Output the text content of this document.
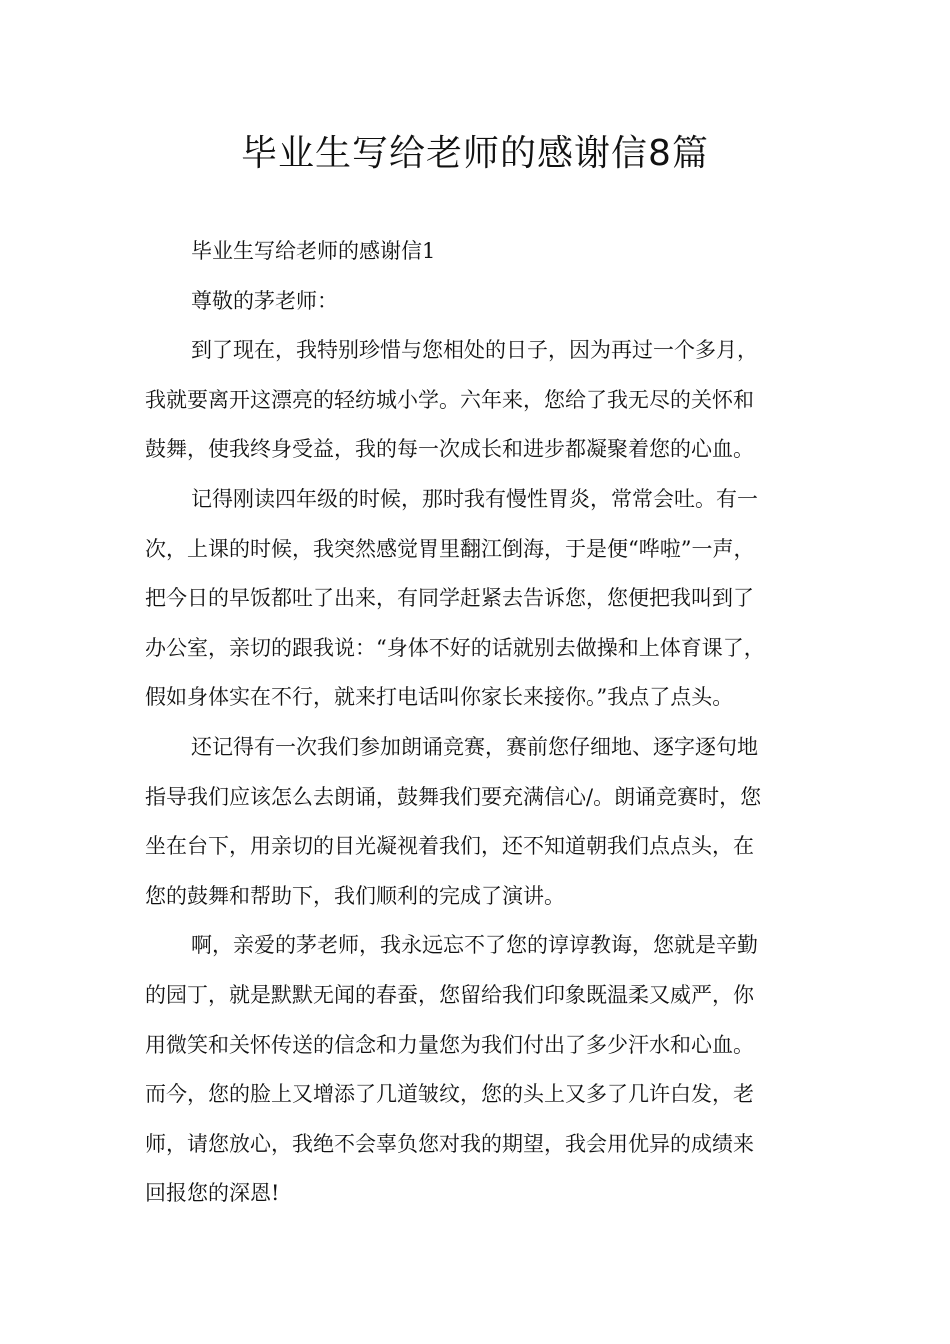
毕业生写给老师的感谢信8篇
毕业生写给老师的感谢信1
尊敬的茅老师：
到了现在，我特别珍惜与您相处的日子，因为再过一个多月，
我就要离开这漂亮的轻纺城小学。六年来，您给了我无尽的关怀和
鼓舞，使我终身受益，我的每一次成长和进步都凝聚着您的心血。
记得刚读四年级的时候，那时我有慢性胃炎，常常会吐。有一
次，上课的时候，我突然感觉胃里翻江倒海，于是便“哗啦”一声，
把今日的早饭都吐了出来，有同学赶紧去告诉您，您便把我叫到了
办公室，亲切的跟我说：“身体不好的话就别去做操和上体育课了，
假如身体实在不行，就来打电话叫你家长来接你。”我点了点头。
还记得有一次我们参加朗诵竞赛，赛前您仔细地、逐字逐句地
指导我们应该怎么去朗诵，鼓舞我们要充满信心/。朗诵竞赛时，您
坐在台下，用亲切的目光凝视着我们，还不知道朝我们点点头，在
您的鼓舞和帮助下，我们顺利的完成了演讲。
啊，亲爱的茅老师，我永远忘不了您的谆谆教诲，您就是辛勤
的园丁，就是默默无闻的春蚕，您留给我们印象既温柔又威严，你
用微笑和关怀传送的信念和力量您为我们付出了多少汗水和心血。
而今，您的脸上又增添了几道皱纹，您的头上又多了几许白发，老
师，请您放心，我绝不会辜负您对我的期望，我会用优异的成绩来
回报您的深恩!
